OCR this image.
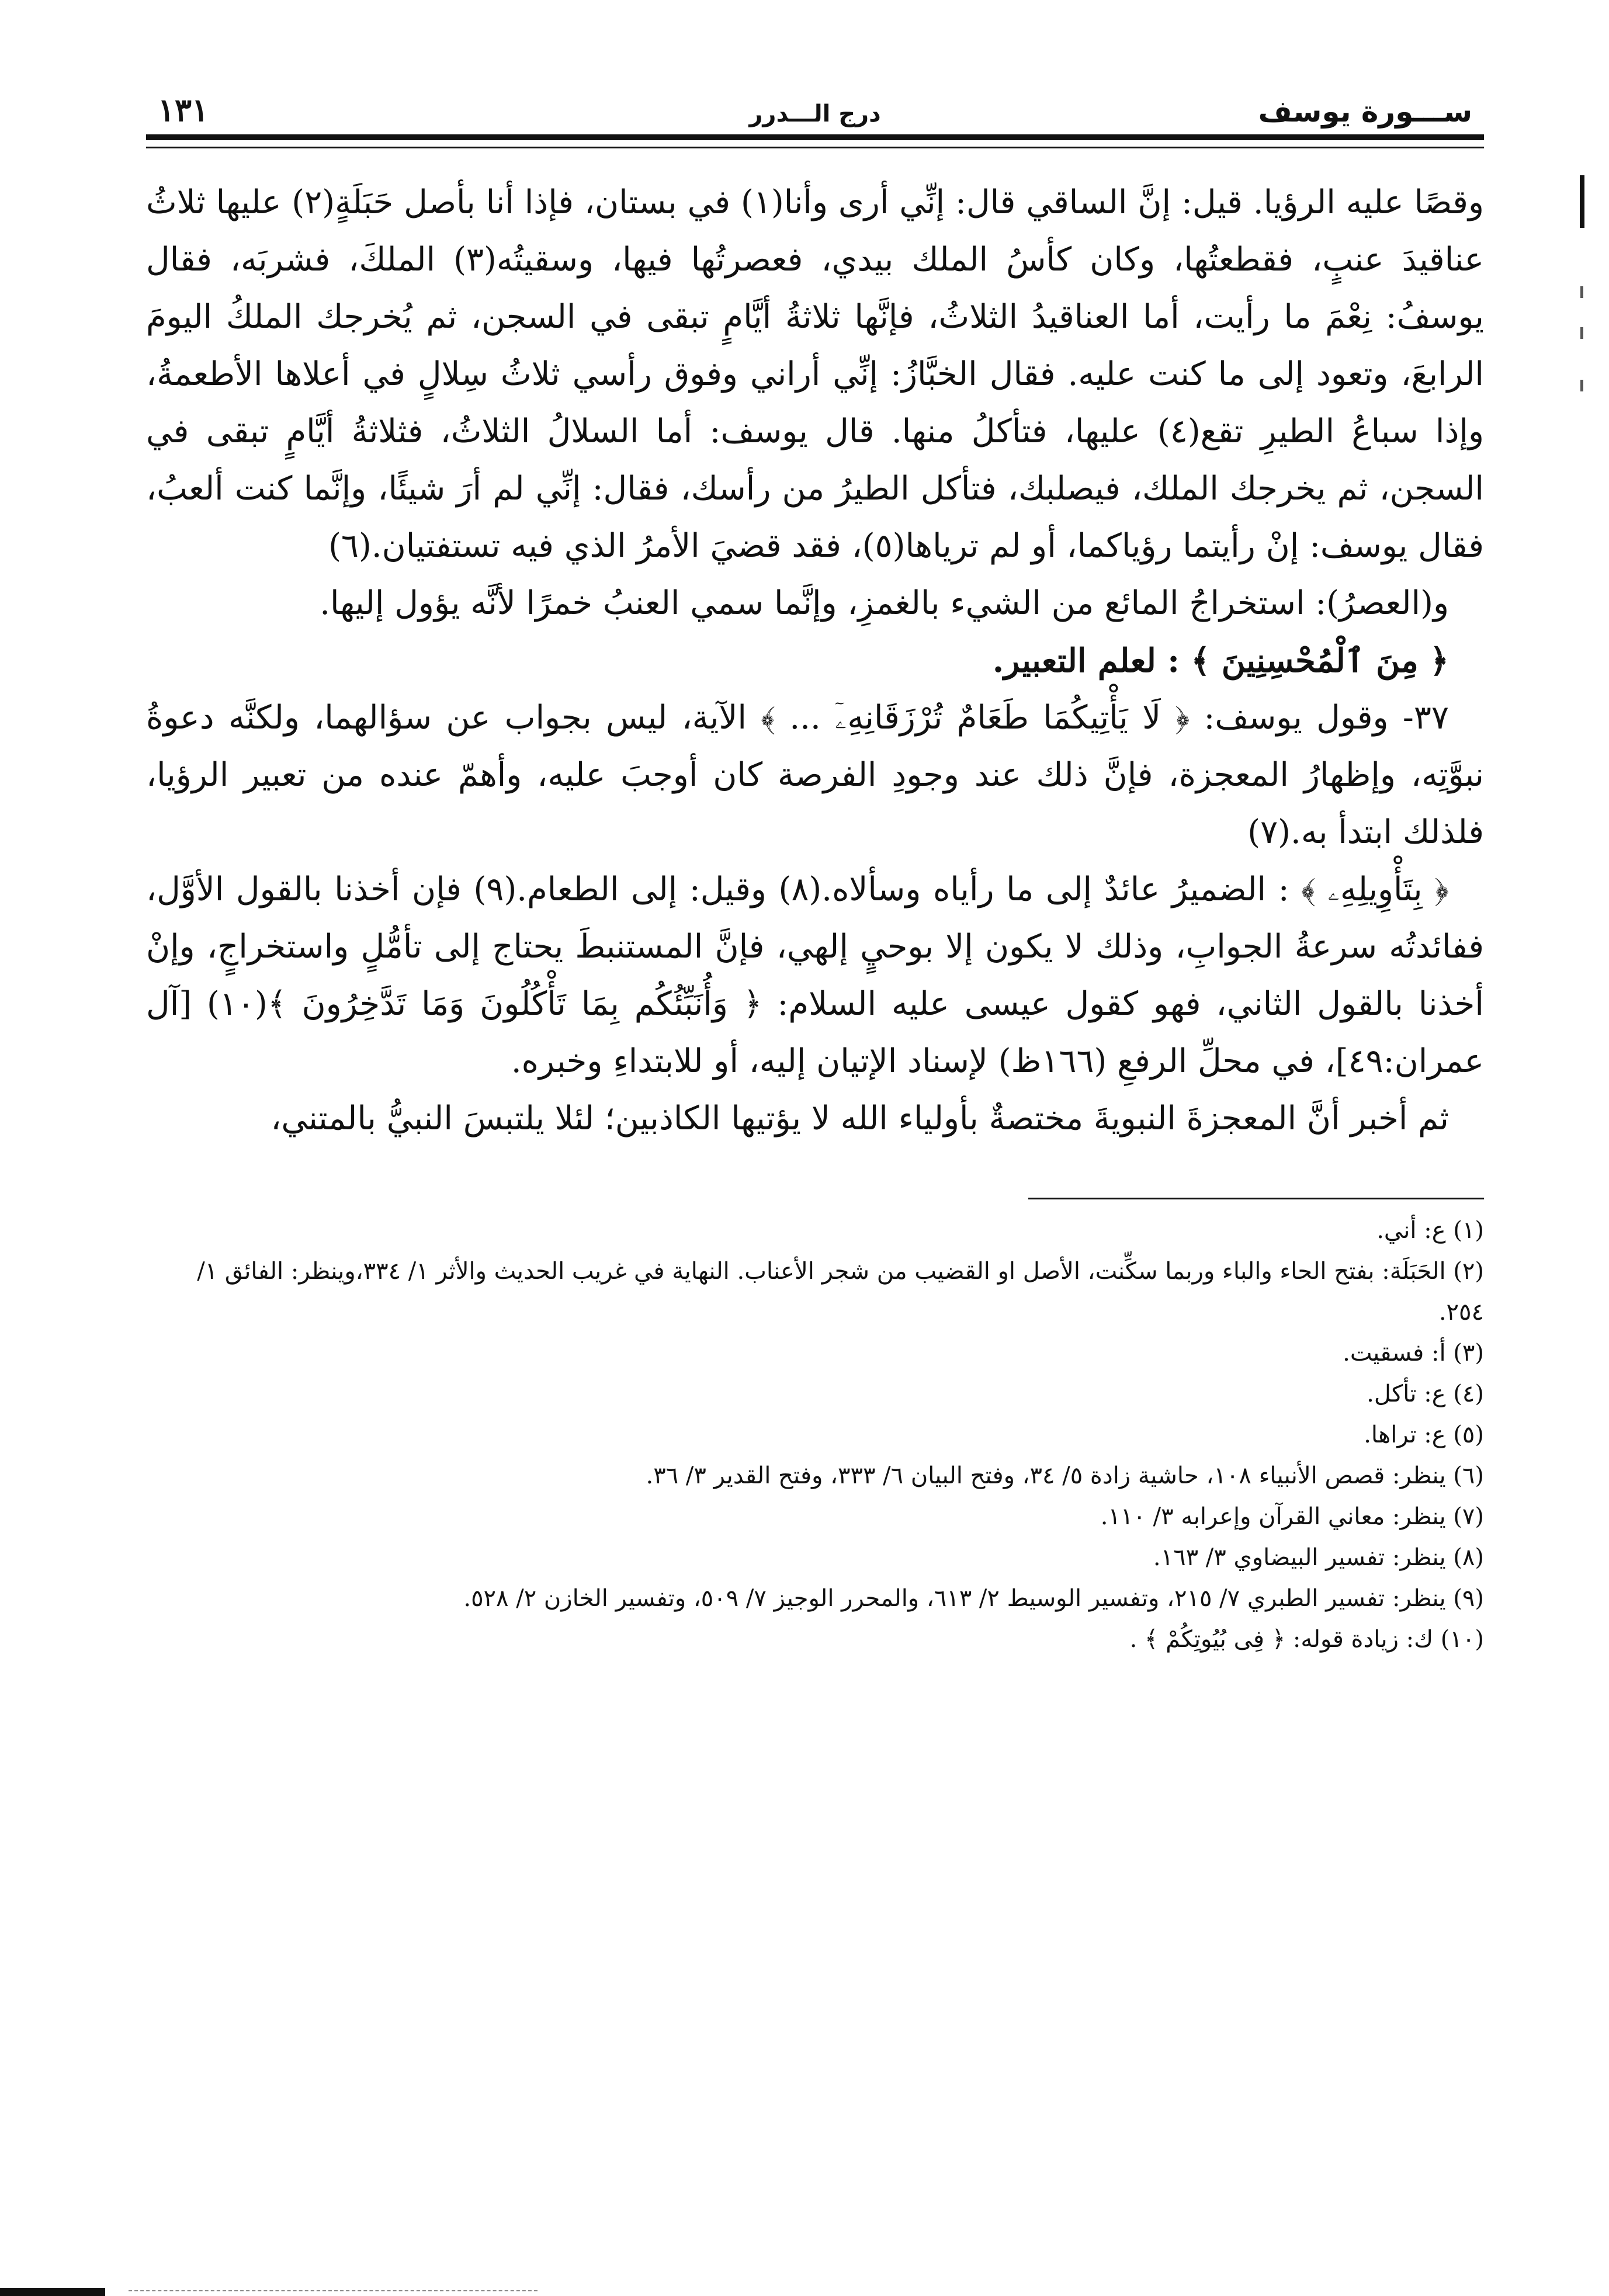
ســـورة يوسف
درج الـــدرر
١٣١

وقصًا عليه الرؤيا. قيل: إنَّ الساقي قال: إنِّي أرى وأنا(١) في بستان، فإذا أنا بأصل حَبَلَةٍ(٢) عليها ثلاثُ عناقيدَ عنبٍ، فقطعتُها، وكان كأسُ الملك بيدي، فعصرتُها فيها، وسقيتُه(٣) الملكَ، فشربَه، فقال يوسفُ: نِعْمَ ما رأيت، أما العناقيدُ الثلاثُ، فإنَّها ثلاثةُ أيَّامٍ تبقى في السجن، ثم يُخرجك الملكُ اليومَ الرابعَ، وتعود إلى ما كنت عليه. فقال الخبَّازُ: إنِّي أراني وفوق رأسي ثلاثُ سِلالٍ في أعلاها الأطعمةُ، وإذا سباعُ الطيرِ تقع(٤) عليها، فتأكلُ منها. قال يوسف: أما السلالُ الثلاثُ، فثلاثةُ أيَّامٍ تبقى في السجن، ثم يخرجك الملك، فيصلبك، فتأكل الطيرُ من رأسك، فقال: إنِّي لم أرَ شيئًا، وإنَّما كنت ألعبُ، فقال يوسف: إنْ رأيتما رؤياكما، أو لم ترياها(٥)، فقد قضيَ الأمرُ الذي فيه تستفتيان.(٦)

و(العصرُ): استخراجُ المائع من الشيء بالغمزِ، وإنَّما سمي العنبُ خمرًا لأنَّه يؤول إليها.

﴿ مِنَ ٱلْمُحْسِنِينَ ﴾ : لعلم التعبير.

٣٧- وقول يوسف: ﴿ لَا يَأْتِيكُمَا طَعَامٌ تُرْزَقَانِهِۦٓ ... ﴾ الآية، ليس بجواب عن سؤالهما، ولكنَّه دعوةُ نبوَّتِه، وإظهارُ المعجزة، فإنَّ ذلك عند وجودِ الفرصة كان أوجبَ عليه، وأهمّ عنده من تعبير الرؤيا، فلذلك ابتدأ به.(٧)

﴿ بِتَأْوِيلِهِۦ ﴾ : الضميرُ عائدٌ إلى ما رأياه وسألاه.(٨) وقيل: إلى الطعام.(٩) فإن أخذنا بالقول الأوَّل، ففائدتُه سرعةُ الجوابِ، وذلك لا يكون إلا بوحيٍ إلهي، فإنَّ المستنبطَ يحتاج إلى تأمُّلٍ واستخراجٍ، وإنْ أخذنا بالقول الثاني، فهو كقول عيسى عليه السلام: ﴿ وَأُنَبِّئُكُم بِمَا تَأْكُلُونَ وَمَا تَدَّخِرُونَ ﴾(١٠) [آل عمران:٤٩]، في محلِّ الرفعِ (١٦٦ظ) لإسناد الإتيان إليه، أو للابتداءِ وخبره.

ثم أخبر أنَّ المعجزةَ النبويةَ مختصةٌ بأولياء الله لا يؤتيها الكاذبين؛ لئلا يلتبسَ النبيُّ بالمتني،

(١) ع: أني.

(٢) الحَبَلَة: بفتح الحاء والباء وربما سكِّنت، الأصل او القضيب من شجر الأعناب. النهاية في غريب الحديث والأثر ١/ ٣٣٤،وينظر: الفائق ١/ ٢٥٤.

(٣) أ: فسقيت.

(٤) ع: تأكل.

(٥) ع: تراها.

(٦) ينظر: قصص الأنبياء ١٠٨، حاشية زادة ٥/ ٣٤، وفتح البيان ٦/ ٣٣٣، وفتح القدير ٣/ ٣٦.

(٧) ينظر: معاني القرآن وإعرابه ٣/ ١١٠.

(٨) ينظر: تفسير البيضاوي ٣/ ١٦٣.

(٩) ينظر: تفسير الطبري ٧/ ٢١٥، وتفسير الوسيط ٢/ ٦١٣، والمحرر الوجيز ٧/ ٥٠٩، وتفسير الخازن ٢/ ٥٢٨.

(١٠) ك: زيادة قوله: ﴿ فِى بُيُوتِكُمْ ﴾ .
